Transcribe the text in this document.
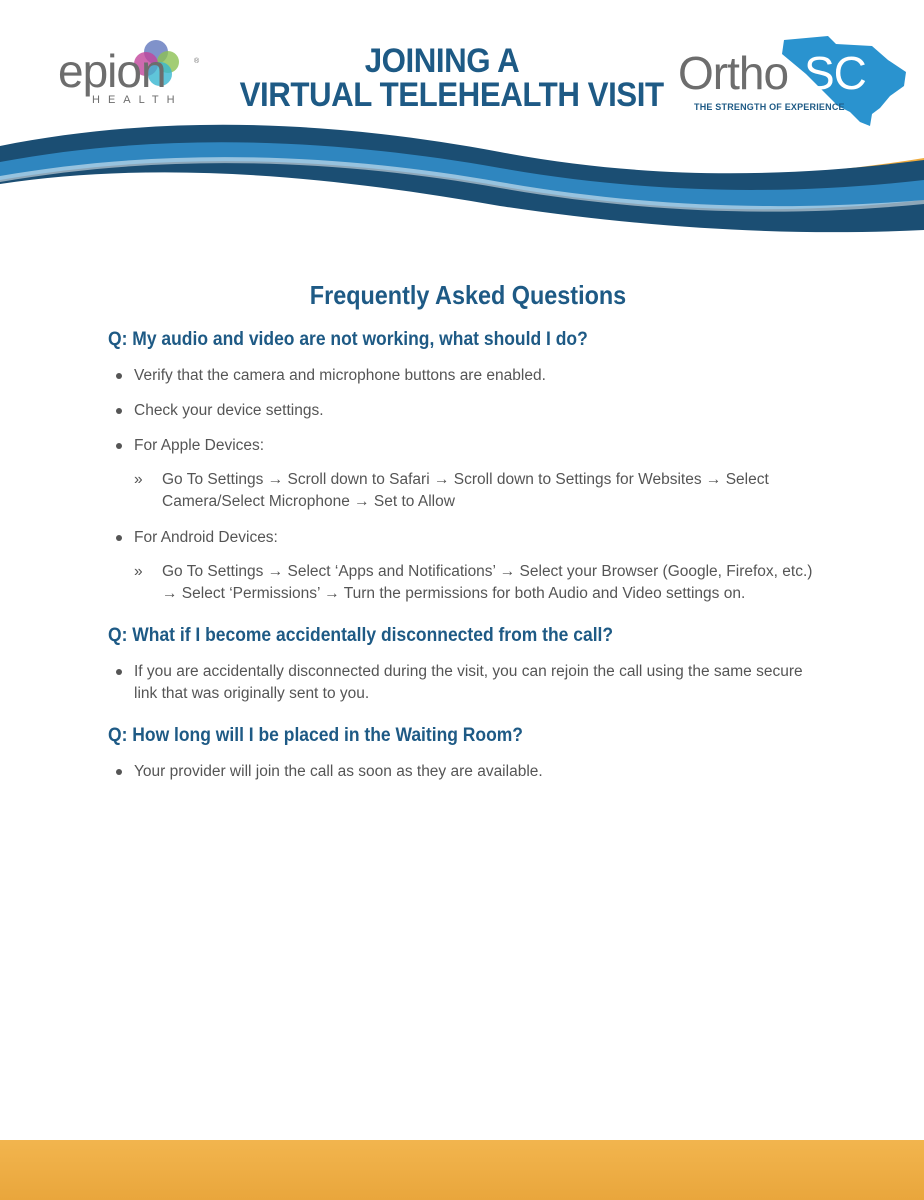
epion	®
HEALTH
JOINING A
VIRTUAL TELEHEALTH VISIT Ortho SC
THE STRENGTH OF EXPERIENCE
Frequently Asked Questions
Q: My audio and video are not working, what should I do?
Verify that the camera and microphone buttons are enabled.
Check your device settings.
For Apple Devices:
» Go To Settings → Scroll down to Safari → Scroll down to Settings for Websites → Select Camera/Select Microphone → Set to Allow
For Android Devices:
» Go To Settings → Select ‘Apps and Notifications’ → Select your Browser (Google, Firefox, etc.) → Select ‘Permissions’ → Turn the permissions for both Audio and Video settings on.
Q: What if I become accidentally disconnected from the call?
If you are accidentally disconnected during the visit, you can rejoin the call using the same secure link that was originally sent to you.
Q: How long will I be placed in the Waiting Room?
Your provider will join the call as soon as they are available.
